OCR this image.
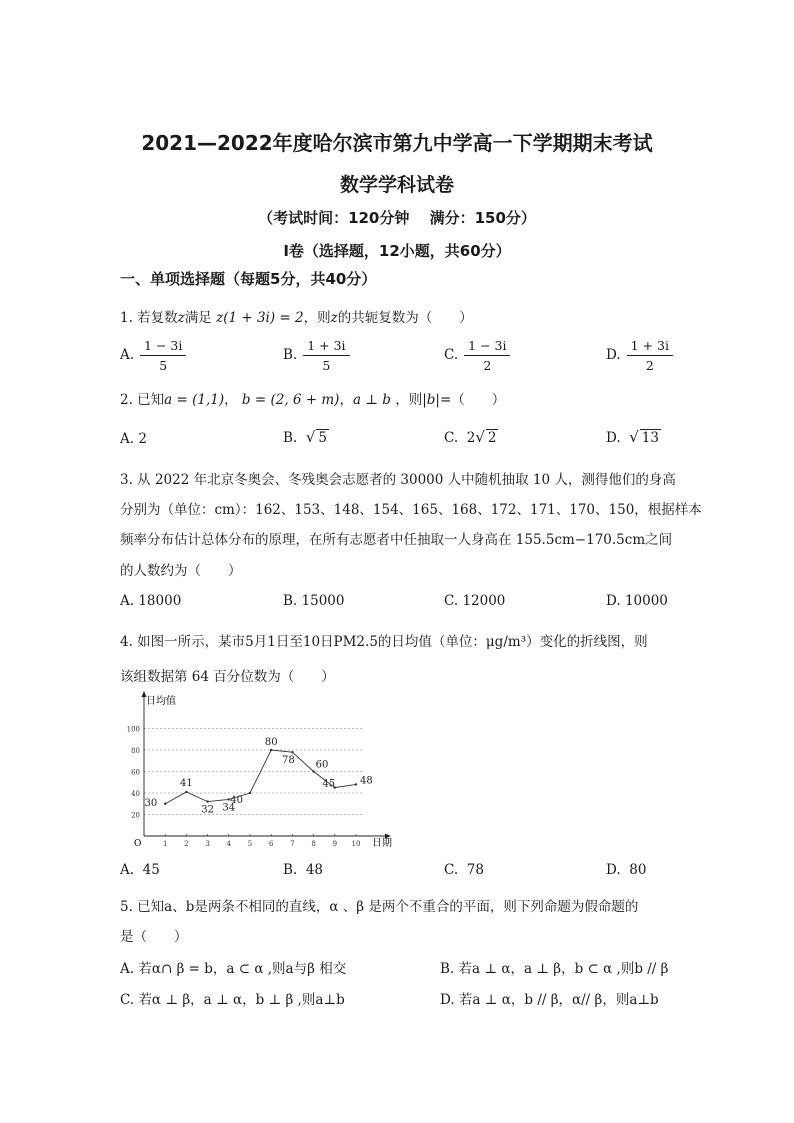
2021—2022年度哈尔滨市第九中学高一下学期期末考试
数学学科试卷
（考试时间：120分钟　 满分：150分）
Ⅰ卷（选择题，12小题，共60分）
一、单项选择题（每题5分，共40分）
1. 若复数z满足 z(1 + 3i) = 2，则z的共轭复数为（　　）
A. $\frac{1 - 3i}{5}$	B. $\frac{1 + 3i}{5}$	C. $\frac{1 - 3i}{2}$	D. $\frac{1 + 3i}{2}$
2. 已知a = (1,1)， b = (2, 6 + m)，a ⊥ b ，则|b|=（　　）
A. 2	B. √ 5	C. 2√ 2	D. √ 13
3. 从 2022 年北京冬奥会、冬残奥会志愿者的 30000 人中随机抽取 10 人，测得他们的身高
分别为（单位：cm）：162、153、148、154、165、168、172、171、170、150，根据样本
频率分布估计总体分布的原理，在所有志愿者中任抽取一人身高在 155.5cm−170.5cm之间
的人数约为（　　）
A. 18000	B. 15000	C. 12000	D. 10000
4. 如图一所示，某市5月1日至10日PM2.5的日均值（单位：μg/m³）变化的折线图，则
该组数据第 64 百分位数为（　　）
日均值
日期
O
20
40
60
80
100
1 2 3 4 5 6 7 8 9 10
30
41
32 34
40
80
78 60
45 48
A. 45	B. 48	C. 78	D. 80
5. 已知a、b是两条不相同的直线，α 、β 是两个不重合的平面，则下列命题为假命题的
是（　　）
A. 若α∩ β = b，a ⊂ α ,则a与β 相交	B. 若a ⊥ α，a ⊥ β，b ⊂ α ,则b // β
C. 若α ⊥ β，a ⊥ α，b ⊥ β ,则a⊥b	D. 若a ⊥ α，b // β，α// β，则a⊥b
